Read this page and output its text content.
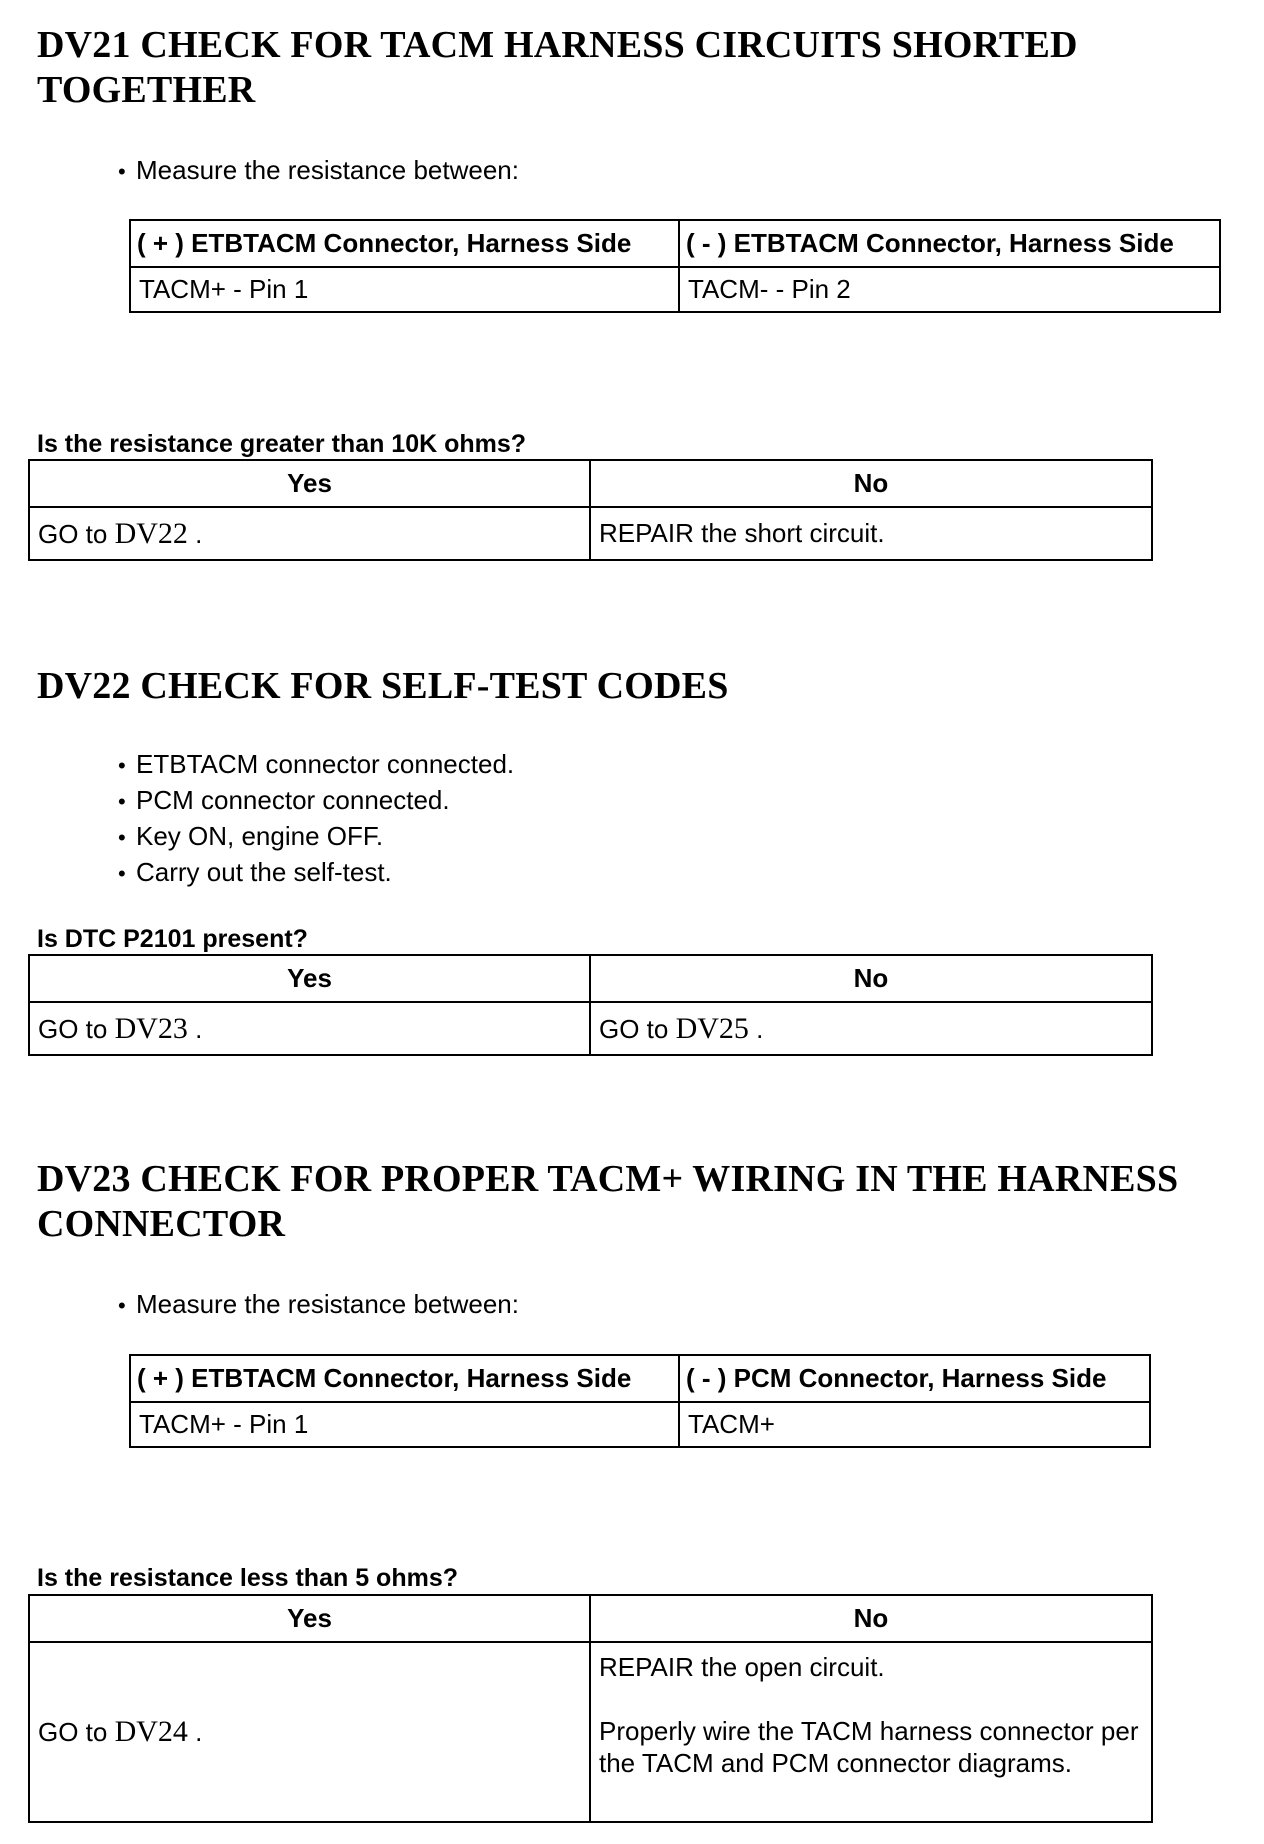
DV21 CHECK FOR TACM HARNESS CIRCUITS SHORTED TOGETHER
• Measure the resistance between:
( + ) ETBTACM Connector, Harness Side	( - ) ETBTACM Connector, Harness Side
TACM+ - Pin 1	TACM- - Pin 2

Is the resistance greater than 10K ohms?

Yes	No
GO to DV22 .	REPAIR the short circuit.
DV22 CHECK FOR SELF-TEST CODES
• ETBTACM connector connected.
• PCM connector connected.
• Key ON, engine OFF.
• Carry out the self-test.

Is DTC P2101 present?

Yes	No
GO to DV23 .	GO to DV25 .
DV23 CHECK FOR PROPER TACM+ WIRING IN THE HARNESS CONNECTOR
• Measure the resistance between:
( + ) ETBTACM Connector, Harness Side	( - ) PCM Connector, Harness Side
TACM+ - Pin 1	TACM+

Is the resistance less than 5 ohms?

Yes	No
GO to DV24 .	REPAIR the open circuit.

Properly wire the TACM harness connector per the TACM and PCM connector diagrams.
